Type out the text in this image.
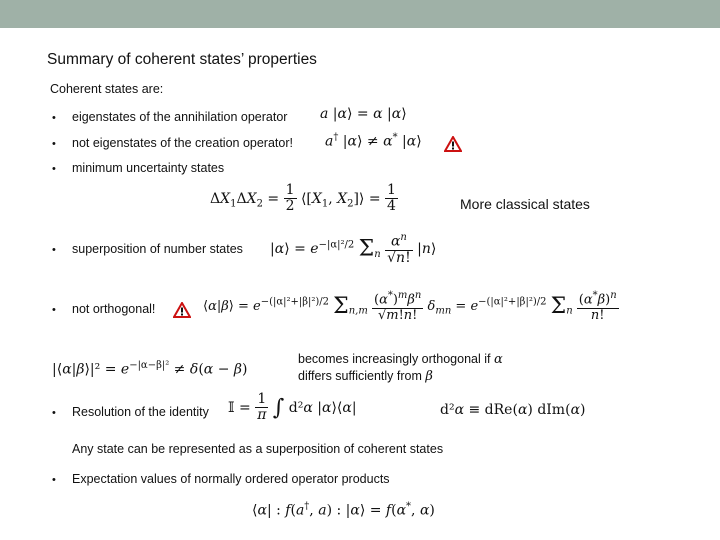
Summary of coherent states’ properties
Coherent states are:
• eigenstates of the annihilation operator a |α⟩ = α |α⟩
• not eigenstates of the creation operator! a† |α⟩ ≠ α* |α⟩
• minimum uncertainty states
$\Delta X_1\Delta X_2 = \frac{1}{2}$ $⟨[X_1$, $X_2]⟩ = \frac{1}{4}$	More classical states
• superposition of number states |α⟩ = $e^{-|\alpha|^2/2}$ $\Sigma_n \frac{\alpha^n}{√n!}$ |n⟩
• not orthogonal!	⟨α|β⟩ = $e^{-(|\alpha|^2+|\beta|^2)/2}$ $\Sigma_{n,m} \frac{(\alpha^*)^m\beta^n}{√m!n!} \delta_{mn} = e^{-(|\alpha|^2+|\beta|^2)/2}$ $\Sigma_n \frac{(\alpha^*\beta)^n}{n!}$
|⟨α|β⟩|² = $e^{-|\alpha-\beta|^2} \ne \delta(\alpha - \beta)$
becomes increasingly orthogonal if α
differs sufficiently from β
• Resolution of the identity 𝕀 = $\frac{1}{\pi}$ ∫ d²α |α⟩⟨α|	d²α ≡ dRe(α) dIm(α)
Any state can be represented as a superposition of coherent states
• Expectation values of normally ordered operator products
⟨α| : f(a†, a) : |α⟩ = f(α*, α)
